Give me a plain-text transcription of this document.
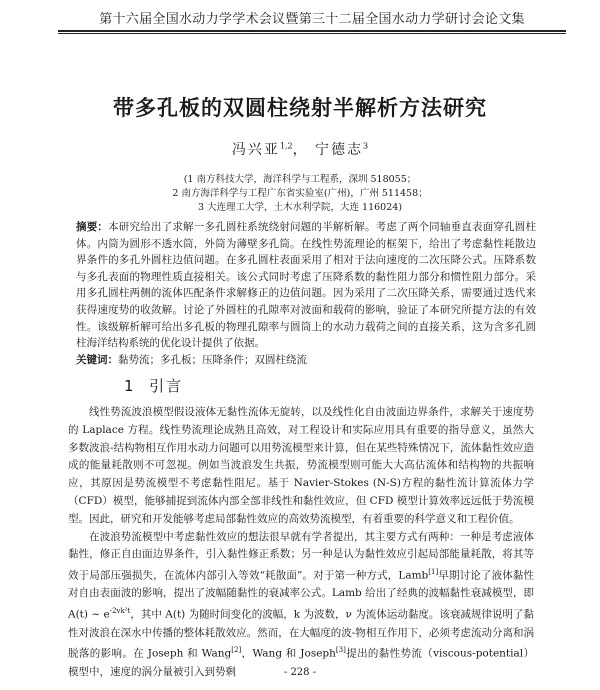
第十六届全国水动力学学术会议暨第三十二届全国水动力学研讨会论文集
带多孔板的双圆柱绕射半解析方法研究
冯兴亚$^{1,2}$， 宁德志$^3$
(1 南方科技大学，海洋科学与工程系，深圳 518055；
2 南方海洋科学与工程广东省实验室(广州)，广州 511458；
3 大连理工大学，土木水利学院，大连 116024)
摘要：本研究给出了求解一多孔圆柱系统绕射问题的半解析解。考虑了两个同轴垂直表面穿孔圆柱体。内筒为圆形不透水筒，外筒为薄壁多孔筒。在线性势流理论的框架下，给出了考虑黏性耗散边界条件的多孔外圆柱边值问题。在多孔圆柱表面采用了相对于法向速度的二次压降公式。压降系数与多孔表面的物理性质直接相关。该公式同时考虑了压降系数的黏性阻力部分和惯性阻力部分。采用多孔圆柱两侧的流体匹配条件求解修正的边值问题。因为采用了二次压降关系，需要通过迭代来获得速度势的收敛解。讨论了外圆柱的孔隙率对波面和载荷的影响，验证了本研究所提方法的有效性。该级解析解可给出多孔板的物理孔隙率与圆筒上的水动力载荷之间的直接关系，这为含多孔圆柱海洋结构系统的优化设计提供了依据。
关键词：黏势流；多孔板；压降条件；双圆柱绕流
1 引言

线性势流波浪模型假设液体无黏性流体无旋转，以及线性化自由波面边界条件，求解关于速度势的 Laplace 方程。线性势流理论成熟且高效，对工程设计和实际应用具有重要的指导意义，虽然大多数波浪-结构物相互作用水动力问题可以用势流模型来计算，但在某些特殊情况下，流体黏性效应造成的能量耗散则不可忽视。例如当波浪发生共振，势流模型则可能大大高估流体和结构物的共振响应，其原因是势流模型不考虑黏性阻尼。基于 Navier-Stokes (N-S)方程的黏性流计算流体力学（CFD）模型，能够捕捉到流体内部全部非线性和黏性效应，但 CFD 模型计算效率远远低于势流模型。因此，研究和开发能够考虑局部黏性效应的高效势流模型，有着重要的科学意义和工程价值。

在波浪势流模型中考虑黏性效应的想法很早就有学者提出，其主要方式有两种：一种是考虑液体黏性，修正自由面边界条件，引入黏性修正系数；另一种是认为黏性效应引起局部能量耗散，将其等效于局部压强损失，在流体内部引入等效“耗散面”。对于第一种方式，Lamb[1]早期讨论了液体黏性对自由表面波的影响，提出了波幅随黏性的衰减率公式。Lamb 给出了经典的波幅黏性衰减模型，即 A(t) ~ $e^{-2vk^2t}$，其中 A(t) 为随时间变化的波幅，k 为波数，ν 为流体运动黏度。该衰减规律说明了黏性对波浪在深水中传播的整体耗散效应。然而，在大幅度的波-物相互作用下，必须考虑流动分离和涡脱落的影响。在 Joseph 和 Wang[2]，Wang 和 Joseph[3]提出的黏性势流（viscous-potential）模型中，速度的涡分量被引入到势剩	- 228 -
